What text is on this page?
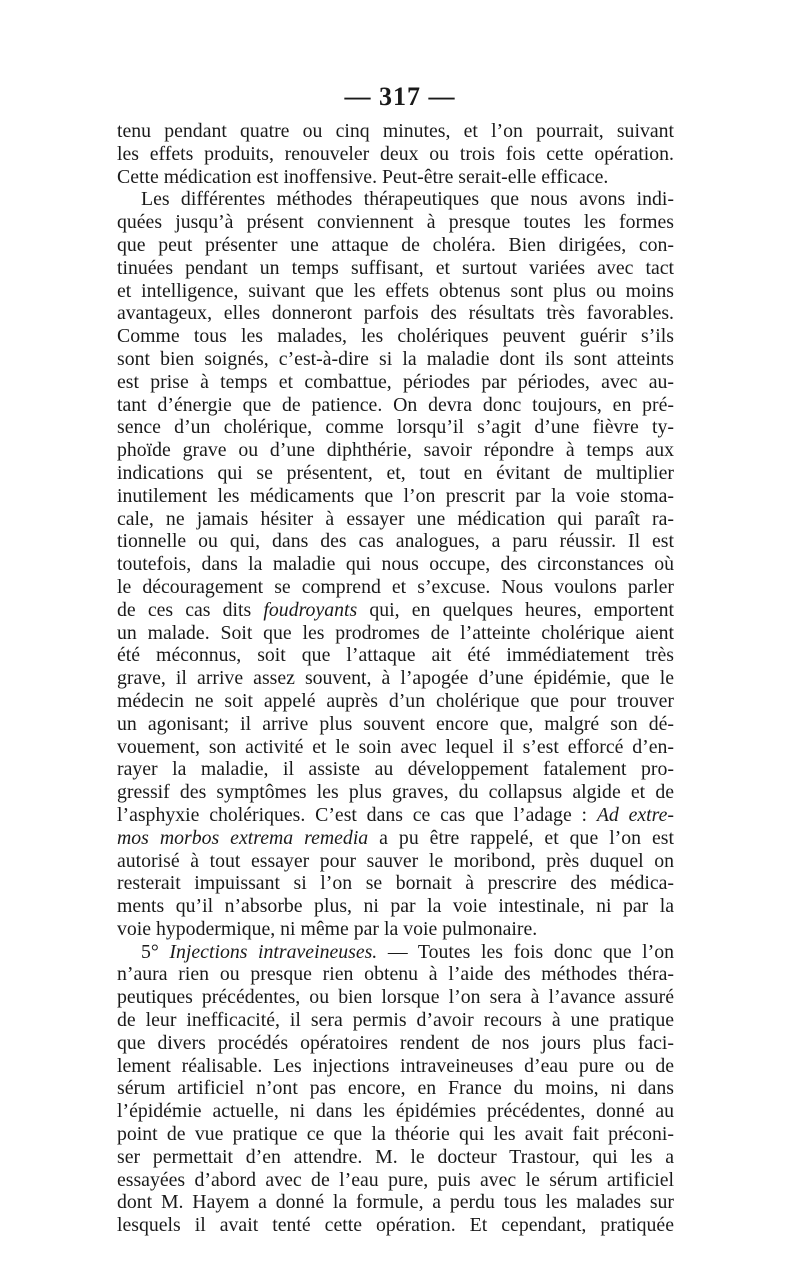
— 317 —
tenu pendant quatre ou cinq minutes, et l’on pourrait, suivant
les effets produits, renouveler deux ou trois fois cette opération.
Cette médication est inoffensive. Peut-être serait-elle efficace.
Les différentes méthodes thérapeutiques que nous avons indi-
quées jusqu’à présent conviennent à presque toutes les formes
que peut présenter une attaque de choléra. Bien dirigées, con-
tinuées pendant un temps suffisant, et surtout variées avec tact
et intelligence, suivant que les effets obtenus sont plus ou moins
avantageux, elles donneront parfois des résultats très favorables.
Comme tous les malades, les cholériques peuvent guérir s’ils
sont bien soignés, c’est-à-dire si la maladie dont ils sont atteints
est prise à temps et combattue, périodes par périodes, avec au-
tant d’énergie que de patience. On devra donc toujours, en pré-
sence d’un cholérique, comme lorsqu’il s’agit d’une fièvre ty-
phoïde grave ou d’une diphthérie, savoir répondre à temps aux
indications qui se présentent, et, tout en évitant de multiplier
inutilement les médicaments que l’on prescrit par la voie stoma-
cale, ne jamais hésiter à essayer une médication qui paraît ra-
tionnelle ou qui, dans des cas analogues, a paru réussir. Il est
toutefois, dans la maladie qui nous occupe, des circonstances où
le découragement se comprend et s’excuse. Nous voulons parler
de ces cas dits foudroyants qui, en quelques heures, emportent
un malade. Soit que les prodromes de l’atteinte cholérique aient
été méconnus, soit que l’attaque ait été immédiatement très
grave, il arrive assez souvent, à l’apogée d’une épidémie, que le
médecin ne soit appelé auprès d’un cholérique que pour trouver
un agonisant; il arrive plus souvent encore que, malgré son dé-
vouement, son activité et le soin avec lequel il s’est efforcé d’en-
rayer la maladie, il assiste au développement fatalement pro-
gressif des symptômes les plus graves, du collapsus algide et de
l’asphyxie cholériques. C’est dans ce cas que l’adage : Ad extre-
mos morbos extrema remedia a pu être rappelé, et que l’on est
autorisé à tout essayer pour sauver le moribond, près duquel on
resterait impuissant si l’on se bornait à prescrire des médica-
ments qu’il n’absorbe plus, ni par la voie intestinale, ni par la
voie hypodermique, ni même par la voie pulmonaire.
5° Injections intraveineuses. — Toutes les fois donc que l’on
n’aura rien ou presque rien obtenu à l’aide des méthodes théra-
peutiques précédentes, ou bien lorsque l’on sera à l’avance assuré
de leur inefficacité, il sera permis d’avoir recours à une pratique
que divers procédés opératoires rendent de nos jours plus faci-
lement réalisable. Les injections intraveineuses d’eau pure ou de
sérum artificiel n’ont pas encore, en France du moins, ni dans
l’épidémie actuelle, ni dans les épidémies précédentes, donné au
point de vue pratique ce que la théorie qui les avait fait préconi-
ser permettait d’en attendre. M. le docteur Trastour, qui les a
essayées d’abord avec de l’eau pure, puis avec le sérum artificiel
dont M. Hayem a donné la formule, a perdu tous les malades sur
lesquels il avait tenté cette opération. Et cependant, pratiquée
